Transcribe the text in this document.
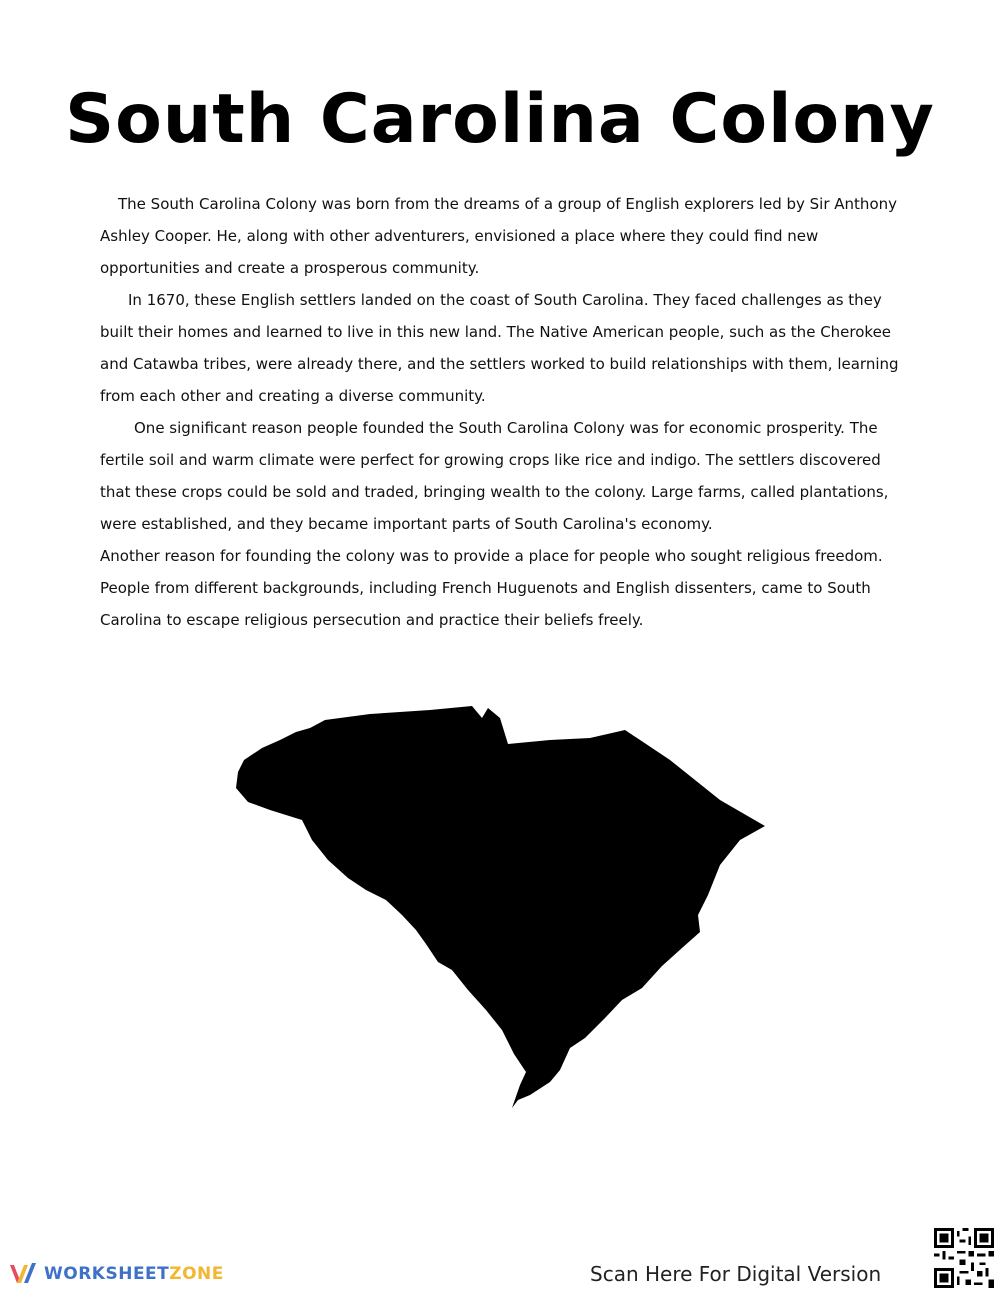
South Carolina Colony

The South Carolina Colony was born from the dreams of a group of English explorers led by Sir Anthony Ashley Cooper. He, along with other adventurers, envisioned a place where they could find new opportunities and create a prosperous community.

In 1670, these English settlers landed on the coast of South Carolina. They faced challenges as they built their homes and learned to live in this new land. The Native American people, such as the Cherokee and Catawba tribes, were already there, and the settlers worked to build relationships with them, learning from each other and creating a diverse community.

One significant reason people founded the South Carolina Colony was for economic prosperity. The fertile soil and warm climate were perfect for growing crops like rice and indigo. The settlers discovered that these crops could be sold and traded, bringing wealth to the colony. Large farms, called plantations, were established, and they became important parts of South Carolina's economy.

Another reason for founding the colony was to provide a place for people who sought religious freedom. People from different backgrounds, including French Huguenots and English dissenters, came to South Carolina to escape religious persecution and practice their beliefs freely.

WORKSHEETZONE	Scan Here For Digital Version
